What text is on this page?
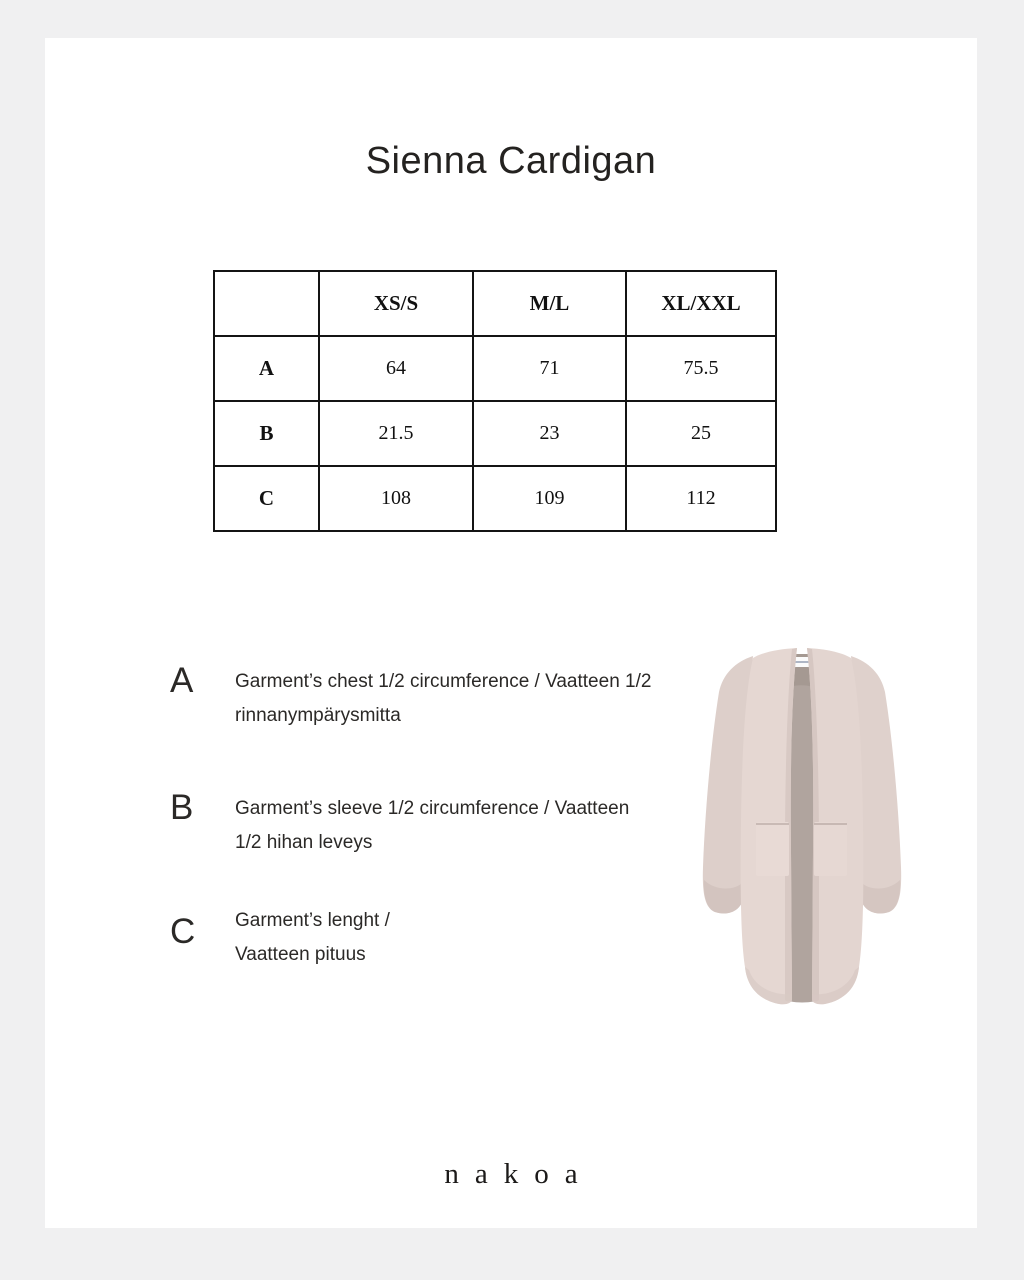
Sienna Cardigan
	XS/S	M/L	XL/XXL
A	64	71	75.5
B	21.5	23	25
C	108	109	112
A	Garment’s chest 1/2 circumference / Vaatteen 1/2
rinnanympärysmitta
B	Garment’s sleeve 1/2 circumference / Vaatteen
1/2 hihan leveys
C	Garment’s lenght /
Vaatteen pituus
nakoa
